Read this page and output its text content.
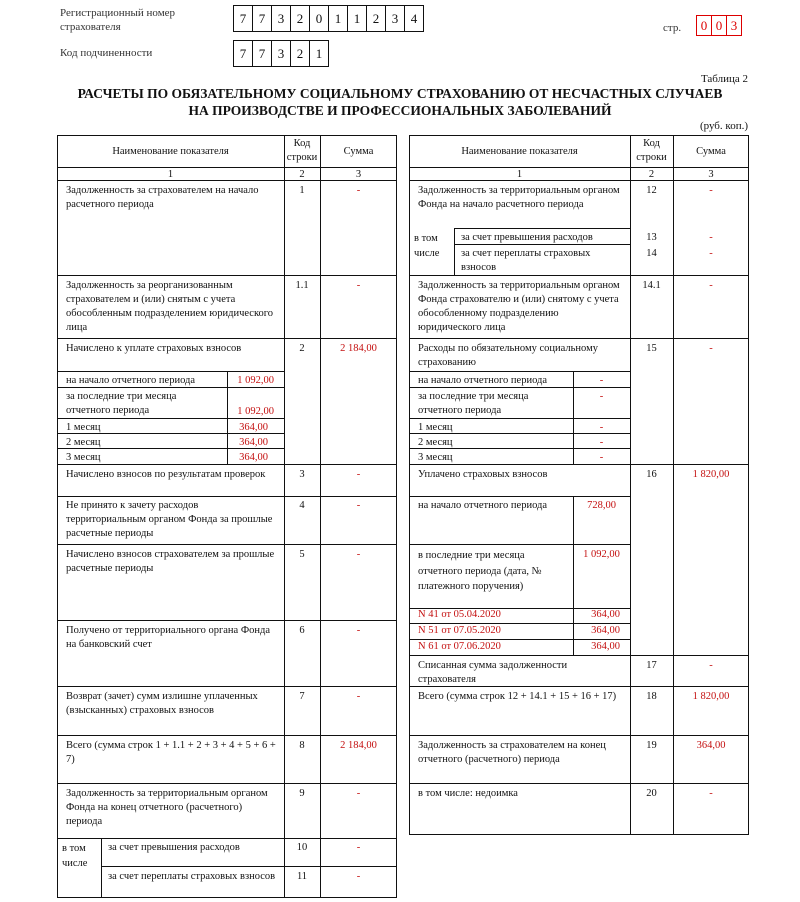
Регистрационный номер страхователя
7 7 3 2 0 1 1 2 3 4
Код подчиненности	7 7 3 2 1
стр. 0 0 3
Таблица 2
РАСЧЕТЫ ПО ОБЯЗАТЕЛЬНОМУ СОЦИАЛЬНОМУ СТРАХОВАНИЮ ОТ НЕСЧАСТНЫХ СЛУЧАЕВ
НА ПРОИЗВОДСТВЕ И ПРОФЕССИОНАЛЬНЫХ ЗАБОЛЕВАНИЙ
(руб. коп.)
Наименование показателя
Код строки
Сумма
1	2	3
Задолженность за страхователем на начало расчетного периода
1	-
Задолженность за реорганизованным страхователем и (или) снятым с учета обособленным подразделением юридического лица
1.1	-
Начислено к уплате страховых взносов	2	2 184,00
на начало отчетного периода	1 092,00
за последние три месяца отчетного периода	1 092,00
1 месяц	364,00
2 месяц	364,00
3 месяц	364,00
Начислено взносов по результатам проверок	3	-
Не принято к зачету расходов территориальным органом Фонда за прошлые расчетные периоды
4	-
Начислено взносов страхователем за прошлые расчетные периоды
5	-
Получено от территориального органа Фонда на банковский счет
6	-
Возврат (зачет) сумм излишне уплаченных (взысканных) страховых взносов
7	-
Всего (сумма строк 1 + 1.1 + 2 + 3 + 4 + 5 + 6 + 7)
8	2 184,00
Задолженность за территориальным органом Фонда на конец отчетного (расчетного) периода
9	-
в том числе
за счет превышения расходов	10	-
за счет переплаты страховых взносов	11	-
Наименование показателя
Код строки
Сумма
1	2	3
Задолженность за территориальным органом Фонда на начало расчетного периода
12	-
в том числе
за счет превышения расходов	13	-
за счет переплаты страховых взносов
14	-
Задолженность за территориальным органом Фонда страхователю и (или) снятому с учета обособленному подразделению юридического лица
14.1	-
Расходы по обязательному социальному страхованию
15	-
на начало отчетного периода	-
за последние три месяца отчетного периода
-
1 месяц	-
2 месяц	-
3 месяц	-
Уплачено страховых взносов	16	1 820,00
на начало отчетного периода	728,00
в последние три месяца отчетного периода (дата, № платежного поручения)
1 092,00
N 41 от 05.04.2020	364,00
N 51 от 07.05.2020	364,00
N 61 от 07.06.2020	364,00
Списанная сумма задолженности страхователя
17	-
Всего (сумма строк 12 + 14.1 + 15 + 16 + 17)	18	1 820,00
Задолженность за страхователем на конец отчетного (расчетного) периода
19	364,00
в том числе: недоимка	20	-
